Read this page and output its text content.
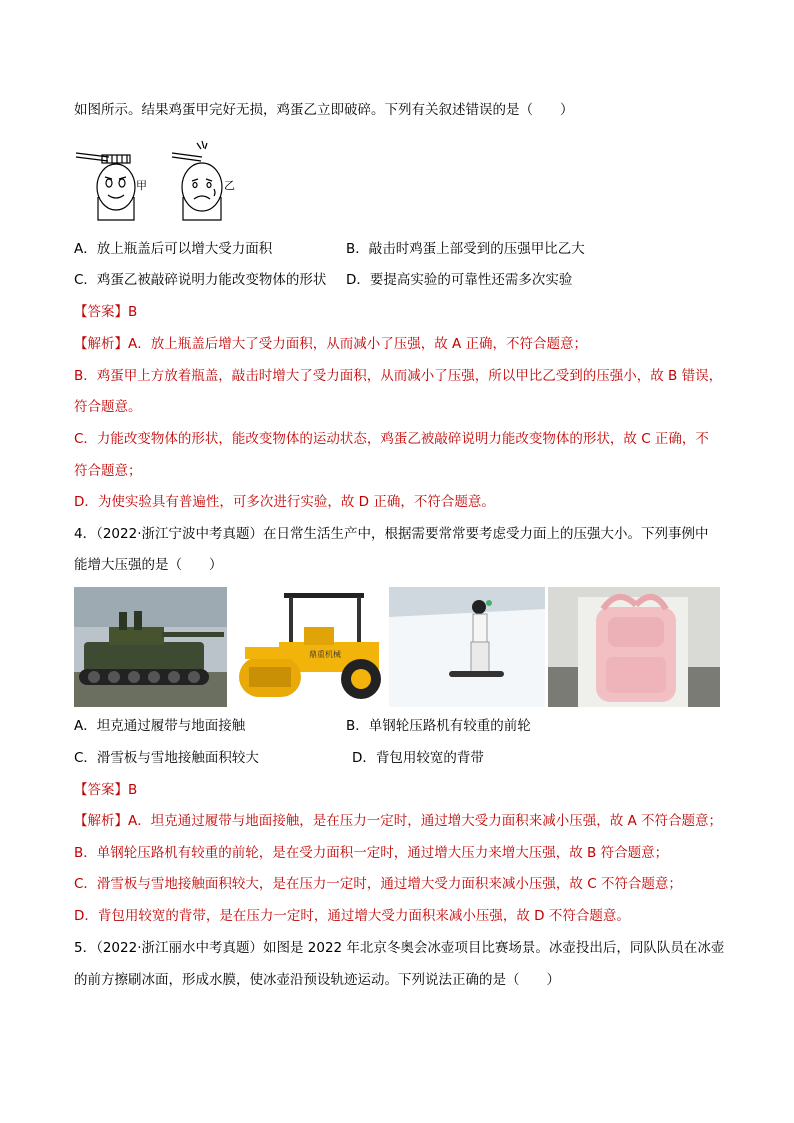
如图所示。结果鸡蛋甲完好无损，鸡蛋乙立即破碎。下列有关叙述错误的是（　　）
甲	乙
A．放上瓶盖后可以增大受力面积	B．敲击时鸡蛋上部受到的压强甲比乙大
C．鸡蛋乙被敲碎说明力能改变物体的形状 D．要提高实验的可靠性还需多次实验
【答案】B
【解析】A．放上瓶盖后增大了受力面积，从而减小了压强，故 A 正确，不符合题意；
B．鸡蛋甲上方放着瓶盖，敲击时增大了受力面积，从而减小了压强，所以甲比乙受到的压强小，故 B 错误，
符合题意。
C．力能改变物体的形状，能改变物体的运动状态，鸡蛋乙被敲碎说明力能改变物体的形状，故 C 正确，不
符合题意；
D．为使实验具有普遍性，可多次进行实验，故 D 正确，不符合题意。
4．（2022·浙江宁波中考真题）在日常生活生产中，根据需要常常要考虑受力面上的压强大小。下列事例中
能增大压强的是（　　）
鼎重机械
A．坦克通过履带与地面接触	B．单钢轮压路机有较重的前轮
C．滑雪板与雪地接触面积较大	D．背包用较宽的背带
【答案】B
【解析】A．坦克通过履带与地面接触，是在压力一定时，通过增大受力面积来减小压强，故 A 不符合题意；
B．单钢轮压路机有较重的前轮，是在受力面积一定时，通过增大压力来增大压强，故 B 符合题意；
C．滑雪板与雪地接触面积较大，是在压力一定时，通过增大受力面积来减小压强，故 C 不符合题意；
D．背包用较宽的背带，是在压力一定时，通过增大受力面积来减小压强，故 D 不符合题意。
5．（2022·浙江丽水中考真题）如图是 2022 年北京冬奥会冰壶项目比赛场景。冰壶投出后，同队队员在冰壶
的前方擦刷冰面，形成水膜，使冰壶沿预设轨迹运动。下列说法正确的是（　　）
